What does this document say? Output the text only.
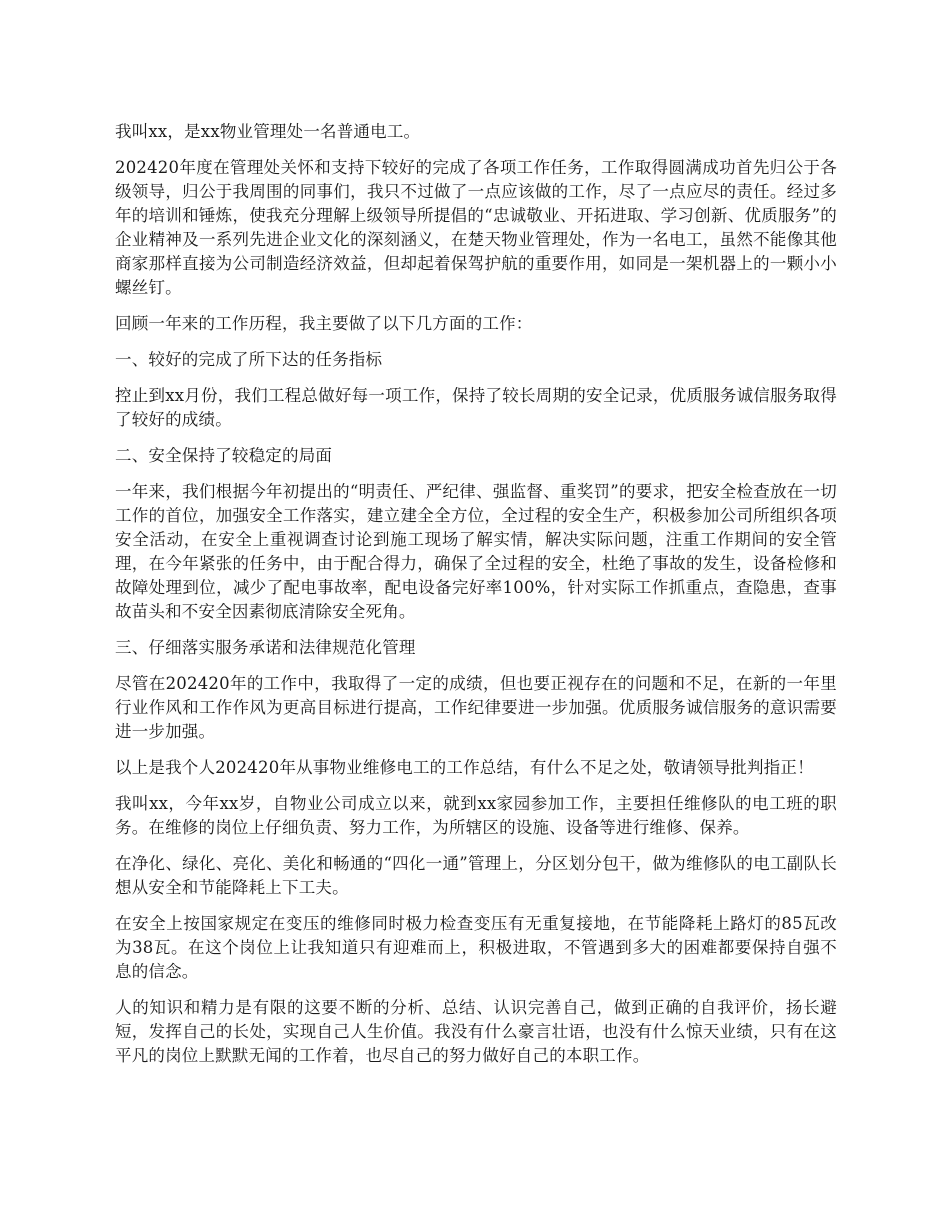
我叫xx，是xx物业管理处一名普通电工。

202420年度在管理处关怀和支持下较好的完成了各项工作任务，工作取得圆满成功首先归公于各级领导，归公于我周围的同事们，我只不过做了一点应该做的工作，尽了一点应尽的责任。经过多年的培训和锤炼，使我充分理解上级领导所提倡的“忠诚敬业、开拓进取、学习创新、优质服务”的企业精神及一系列先进企业文化的深刻涵义，在楚天物业管理处，作为一名电工，虽然不能像其他商家那样直接为公司制造经济效益，但却起着保驾护航的重要作用，如同是一架机器上的一颗小小螺丝钉。

回顾一年来的工作历程，我主要做了以下几方面的工作：

一、较好的完成了所下达的任务指标

控止到xx月份，我们工程总做好每一项工作，保持了较长周期的安全记录，优质服务诚信服务取得了较好的成绩。

二、安全保持了较稳定的局面

一年来，我们根据今年初提出的“明责任、严纪律、强监督、重奖罚”的要求，把安全检查放在一切工作的首位，加强安全工作落实，建立建全全方位，全过程的安全生产，积极参加公司所组织各项安全活动，在安全上重视调查讨论到施工现场了解实情，解决实际问题，注重工作期间的安全管理，在今年紧张的任务中，由于配合得力，确保了全过程的安全，杜绝了事故的发生，设备检修和故障处理到位，减少了配电事故率，配电设备完好率100%，针对实际工作抓重点，查隐患，查事故苗头和不安全因素彻底清除安全死角。

三、仔细落实服务承诺和法律规范化管理

尽管在202420年的工作中，我取得了一定的成绩，但也要正视存在的问题和不足，在新的一年里行业作风和工作作风为更高目标进行提高，工作纪律要进一步加强。优质服务诚信服务的意识需要进一步加强。

以上是我个人202420年从事物业维修电工的工作总结，有什么不足之处，敬请领导批判指正！

我叫xx，今年xx岁，自物业公司成立以来，就到xx家园参加工作，主要担任维修队的电工班的职务。在维修的岗位上仔细负责、努力工作，为所辖区的设施、设备等进行维修、保养。

在净化、绿化、亮化、美化和畅通的“四化一通”管理上，分区划分包干，做为维修队的电工副队长想从安全和节能降耗上下工夫。

在安全上按国家规定在变压的维修同时极力检查变压有无重复接地，在节能降耗上路灯的85瓦改为38瓦。在这个岗位上让我知道只有迎难而上，积极进取，不管遇到多大的困难都要保持自强不息的信念。

人的知识和精力是有限的这要不断的分析、总结、认识完善自己，做到正确的自我评价，扬长避短，发挥自己的长处，实现自己人生价值。我没有什么豪言壮语，也没有什么惊天业绩，只有在这平凡的岗位上默默无闻的工作着，也尽自己的努力做好自己的本职工作。
